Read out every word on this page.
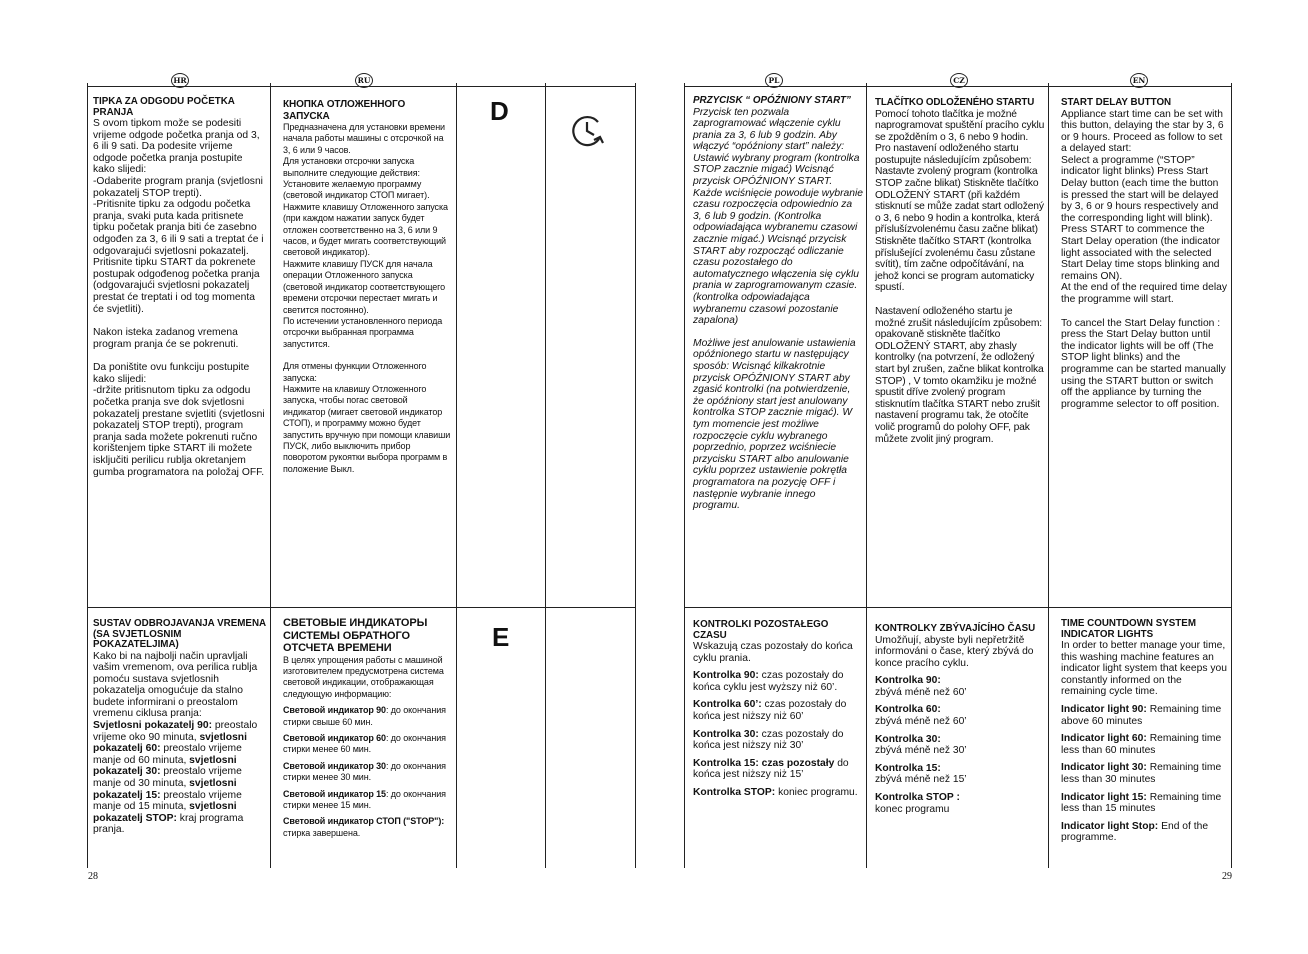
HR	RU
D
E
TIPKA ZA ODGODU POČETKA PRANJA

S ovom tipkom može se podesiti vrijeme odgode početka pranja od 3, 6 ili 9 sati. Da podesite vrijeme odgode početka pranja postupite kako slijedi:
-Odaberite program pranja (svjetlosni pokazatelj STOP trepti).
-Pritisnite tipku za odgodu početka pranja, svaki puta kada pritisnete tipku početak pranja biti će zasebno odgođen za 3, 6 ili 9 sati a treptat će i odgovarajući svjetlosni pokazatelj. Pritisnite tipku START da pokrenete postupak odgođenog početka pranja (odgovarajući svjetlosni pokazatelj prestat će treptati i od tog momenta će svjetliti).

Nakon isteka zadanog vremena program pranja će se pokrenuti.

Da poništite ovu funkciju postupite kako slijedi:
-držite pritisnutom tipku za odgodu početka pranja sve dok svjetlosni pokazatelj prestane svjetliti (svjetlosni pokazatelj STOP trepti), program pranja sada možete pokrenuti ručno korištenjem tipke START ili možete isključiti perilicu rublja okretanjem gumba programatora na položaj OFF.

КНОПКА ОТЛОЖЕННОГО ЗАПУСКА

Предназначена для установки времени начала работы машины с отсрочкой на 3, 6 или 9 часов.
Для установки отсрочки запуска выполните следующие действия:
Установите желаемую программу (световой индикатор СТОП мигает).
Нажмите клавишу Отложенного запуска (при каждом нажатии запуск будет отложен соответственно на 3, 6 или 9 часов, и будет мигать соответствующий световой индикатор).
Нажмите клавишу ПУСК для начала операции Отложенного запуска (световой индикатор соответствующего времени отсрочки перестает мигать и светится постоянно).
По истечении установленного периода отсрочки выбранная программа запустится.

Для отмены функции Отложенного запуска:
Нажмите на клавишу Отложенного запуска, чтобы погас световой индикатор (мигает световой индикатор СТОП), и программу можно будет запустить вручную при помощи клавиши ПУСК, либо выключить прибор поворотом рукоятки выбора программ в положение Выкл.

SUSTAV ODBROJAVANJA VREMENA (SA SVJETLOSNIM POKAZATELJIMA)

Kako bi na najbolji način upravljali vašim vremenom, ova perilica rublja pomoću sustava svjetlosnih pokazatelja omogućuje da stalno budete informirani o preostalom vremenu ciklusa pranja:
Svjetlosni pokazatelj 90: preostalo vrijeme oko 90 minuta, svjetlosni pokazatelj 60: preostalo vrijeme manje od 60 minuta, svjetlosni pokazatelj 30: preostalo vrijeme manje od 30 minuta, svjetlosni pokazatelj 15: preostalo vrijeme manje od 15 minuta, svjetlosni pokazatelj STOP: kraj programa pranja.

СВЕТОВЫЕ ИНДИКАТОРЫ СИСТЕМЫ ОБРАТНОГО ОТСЧЕТА ВРЕМЕНИ

В целях упрощения работы с машиной изготовителем предусмотрена система световой индикации, отображающая следующую информацию:

Световой индикатор 90: до окончания стирки свыше 60 мин.

Световой индикатор 60: до окончания стирки менее 60 мин.

Световой индикатор 30: до окончания стирки менее 30 мин.

Световой индикатор 15: до окончания стирки менее 15 мин.

Световой индикатор СТОП ("STOP"): стирка завершена.

28
PL	CZ	EN
PRZYCISK “ OPÓŹNIONY START”

Przycisk ten pozwala zaprogramować włączenie cyklu prania za 3, 6 lub 9 godzin. Aby włączyć “opóźniony start” należy: Ustawić wybrany program (kontrolka STOP zacznie migać) Wcisnąć przycisk OPÓŹNIONY START. Każde wciśnięcie powoduje wybranie czasu rozpoczęcia odpowiednio za 3, 6 lub 9 godzin. (Kontrolka odpowiadająca wybranemu czasowi zacznie migać.) Wcisnąć przycisk START aby rozpocząć odliczanie czasu pozostałego do automatycznego włączenia się cyklu prania w zaprogramowanym czasie. (kontrolka odpowiadająca wybranemu czasowi pozostanie zapalona)

Możliwe jest anulowanie ustawienia opóźnionego startu w następujący sposób: Wcisnąć kilkakrotnie przycisk OPÓŹNIONY START aby zgasić kontrolki (na potwierdzenie, że opóźniony start jest anulowany kontrolka STOP zacznie migać). W tym momencie jest możliwe rozpoczęcie cyklu wybranego poprzednio, poprzez wciśniecie przycisku START albo anulowanie cyklu poprzez ustawienie pokrętła programatora na pozycję OFF i następnie wybranie innego programu.

TLAČÍTKO ODLOŽENÉHO STARTU

Pomocí tohoto tlačítka je možné naprogramovat spuštění pracího cyklu se zpožděním o 3, 6 nebo 9 hodin.
Pro nastavení odloženého startu postupujte následujícím způsobem: Nastavte zvolený program (kontrolka STOP začne blikat) Stiskněte tlačítko ODLOŽENÝ START (při každém stisknutí se může zadat start odložený o 3, 6 nebo 9 hodin a kontrolka, která příslušízvolenému času začne blikat) Stiskněte tlačítko START (kontrolka příslušející zvolenému času zůstane svítit), tím začne odpočítávání, na jehož konci se program automaticky spustí.

Nastavení odloženého startu je možné zrušit následujícím způsobem: opakovaně stiskněte tlačítko ODLOŽENÝ START, aby zhasly kontrolky (na potvrzení, že odložený start byl zrušen, začne blikat kontrolka STOP) , V tomto okamžiku je možné spustit dříve zvolený program stisknutím tlačítka START nebo zrušit nastavení programu tak, že otočíte volič programů do polohy OFF, pak můžete zvolit jiný program.

START DELAY BUTTON

Appliance start time can be set with this button, delaying the star by 3, 6 or 9 hours. Proceed as follow to set a delayed start:
Select a programme (“STOP” indicator light blinks) Press Start Delay button (each time the button is pressed the start will be delayed by 3, 6 or 9 hours respectively and the corresponding light will blink).
Press START to commence the Start Delay operation (the indicator light associated with the selected Start Delay time stops blinking and remains ON).
At the end of the required time delay the programme will start.

To cancel the Start Delay function :
press the Start Delay button until the indicator lights will be off (The STOP light blinks) and the programme can be started manually using the START button or switch off the appliance by turning the programme selector to off position.

KONTROLKI POZOSTAŁEGO CZASU

Wskazują czas pozostały do końca cyklu prania.

Kontrolka 90: czas pozostały do końca cyklu jest wyższy niż 60’.

Kontrolka 60’: czas pozostały do końca jest niższy niż 60’

Kontrolka 30: czas pozostały do końca jest niższy niż 30’

Kontrolka 15: czas pozostały do końca jest niższy niż 15’

Kontrolka STOP: koniec programu.

KONTROLKY ZBÝVAJÍCÍHO ČASU

Umožňují, abyste byli nepřetržitě informováni o čase, který zbývá do konce pracího cyklu.

Kontrolka 90:
zbývá méně než 60’

Kontrolka 60:
zbývá méně než 60’

Kontrolka 30:
zbývá méně než 30’

Kontrolka 15:
zbývá méně než 15’

Kontrolka STOP :
konec programu

TIME COUNTDOWN SYSTEM INDICATOR LIGHTS

In order to better manage your time, this washing machine features an indicator light system that keeps you constantly informed on the remaining cycle time.

Indicator light 90: Remaining time above 60 minutes

Indicator light 60: Remaining time less than 60 minutes

Indicator light 30: Remaining time less than 30 minutes

Indicator light 15: Remaining time less than 15 minutes

Indicator light Stop: End of the programme.

29
